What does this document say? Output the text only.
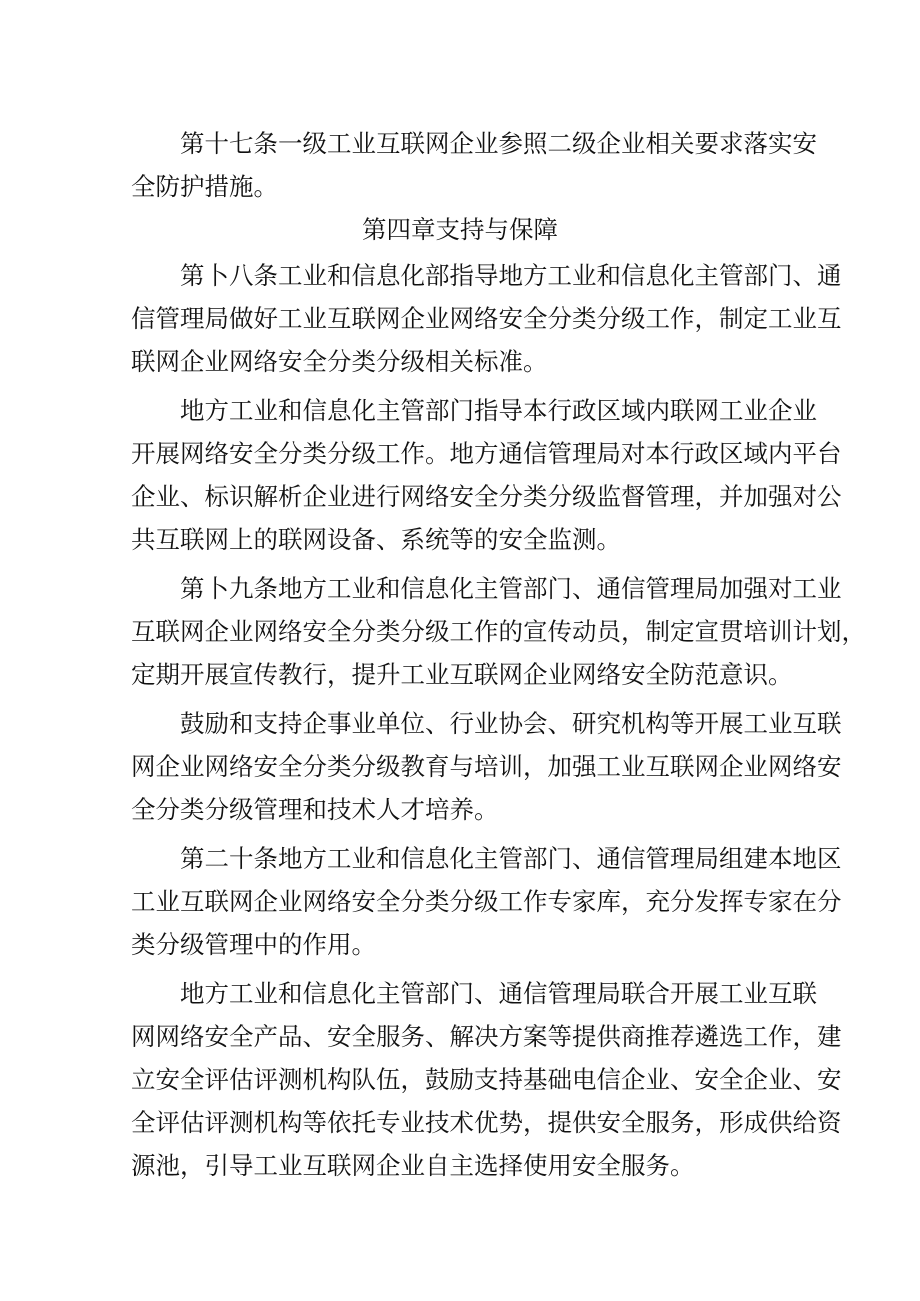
第十七条一级工业互联网企业参照二级企业相关要求落实安
全防护措施。
第四章支持与保障
第卜八条工业和信息化部指导地方工业和信息化主管部门、通
信管理局做好工业互联网企业网络安全分类分级工作，制定工业互
联网企业网络安全分类分级相关标准。
地方工业和信息化主管部门指导本行政区域内联网工业企业
开展网络安全分类分级工作。地方通信管理局对本行政区域内平台
企业、标识解析企业进行网络安全分类分级监督管理，并加强对公
共互联网上的联网设备、系统等的安全监测。
第卜九条地方工业和信息化主管部门、通信管理局加强对工业
互联网企业网络安全分类分级工作的宣传动员，制定宣贯培训计划，
定期开展宣传教行，提升工业互联网企业网络安全防范意识。
鼓励和支持企事业单位、行业协会、研究机构等开展工业互联
网企业网络安全分类分级教育与培训，加强工业互联网企业网络安
全分类分级管理和技术人才培养。
第二十条地方工业和信息化主管部门、通信管理局组建本地区
工业互联网企业网络安全分类分级工作专家库，充分发挥专家在分
类分级管理中的作用。
地方工业和信息化主管部门、通信管理局联合开展工业互联
网网络安全产品、安全服务、解决方案等提供商推荐遴选工作，建
立安全评估评测机构队伍，鼓励支持基础电信企业、安全企业、安
全评估评测机构等依托专业技术优势，提供安全服务，形成供给资
源池，引导工业互联网企业自主选择使用安全服务。
